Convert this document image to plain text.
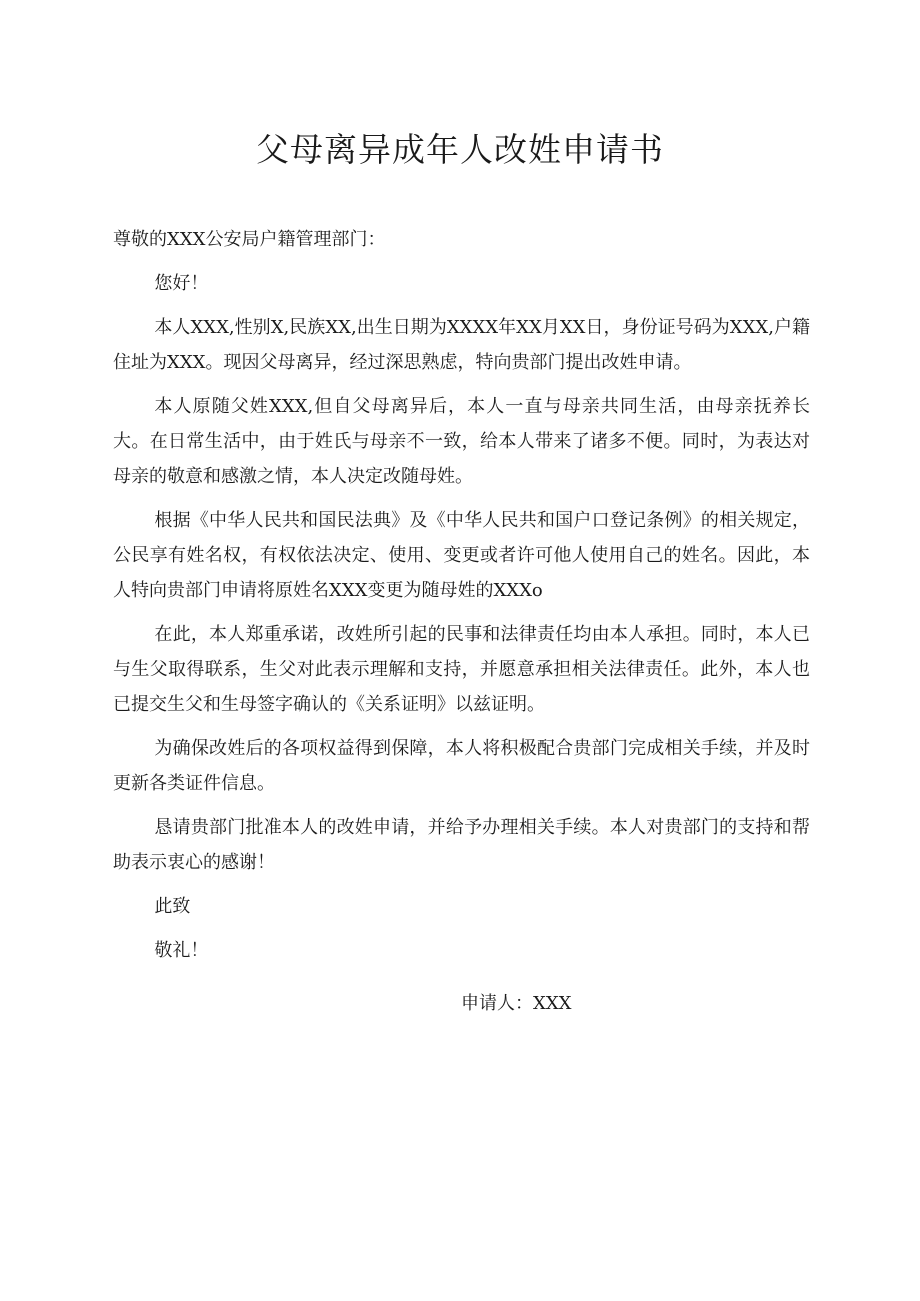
父母离异成年人改姓申请书

尊敬的XXX公安局户籍管理部门：

您好！

本人XXX,性别X,民族XX,出生日期为XXXX年XX月XX日，身份证号码为XXX,户籍住址为XXX。现因父母离异，经过深思熟虑，特向贵部门提出改姓申请。

本人原随父姓XXX,但自父母离异后，本人一直与母亲共同生活，由母亲抚养长大。在日常生活中，由于姓氏与母亲不一致，给本人带来了诸多不便。同时，为表达对母亲的敬意和感激之情，本人决定改随母姓。

根据《中华人民共和国民法典》及《中华人民共和国户口登记条例》的相关规定，公民享有姓名权，有权依法决定、使用、变更或者许可他人使用自己的姓名。因此，本人特向贵部门申请将原姓名XXX变更为随母姓的XXXo

在此，本人郑重承诺，改姓所引起的民事和法律责任均由本人承担。同时，本人已与生父取得联系，生父对此表示理解和支持，并愿意承担相关法律责任。此外，本人也已提交生父和生母签字确认的《关系证明》以兹证明。

为确保改姓后的各项权益得到保障，本人将积极配合贵部门完成相关手续，并及时更新各类证件信息。

恳请贵部门批准本人的改姓申请，并给予办理相关手续。本人对贵部门的支持和帮助表示衷心的感谢！

此致

敬礼！

申请人：XXX
